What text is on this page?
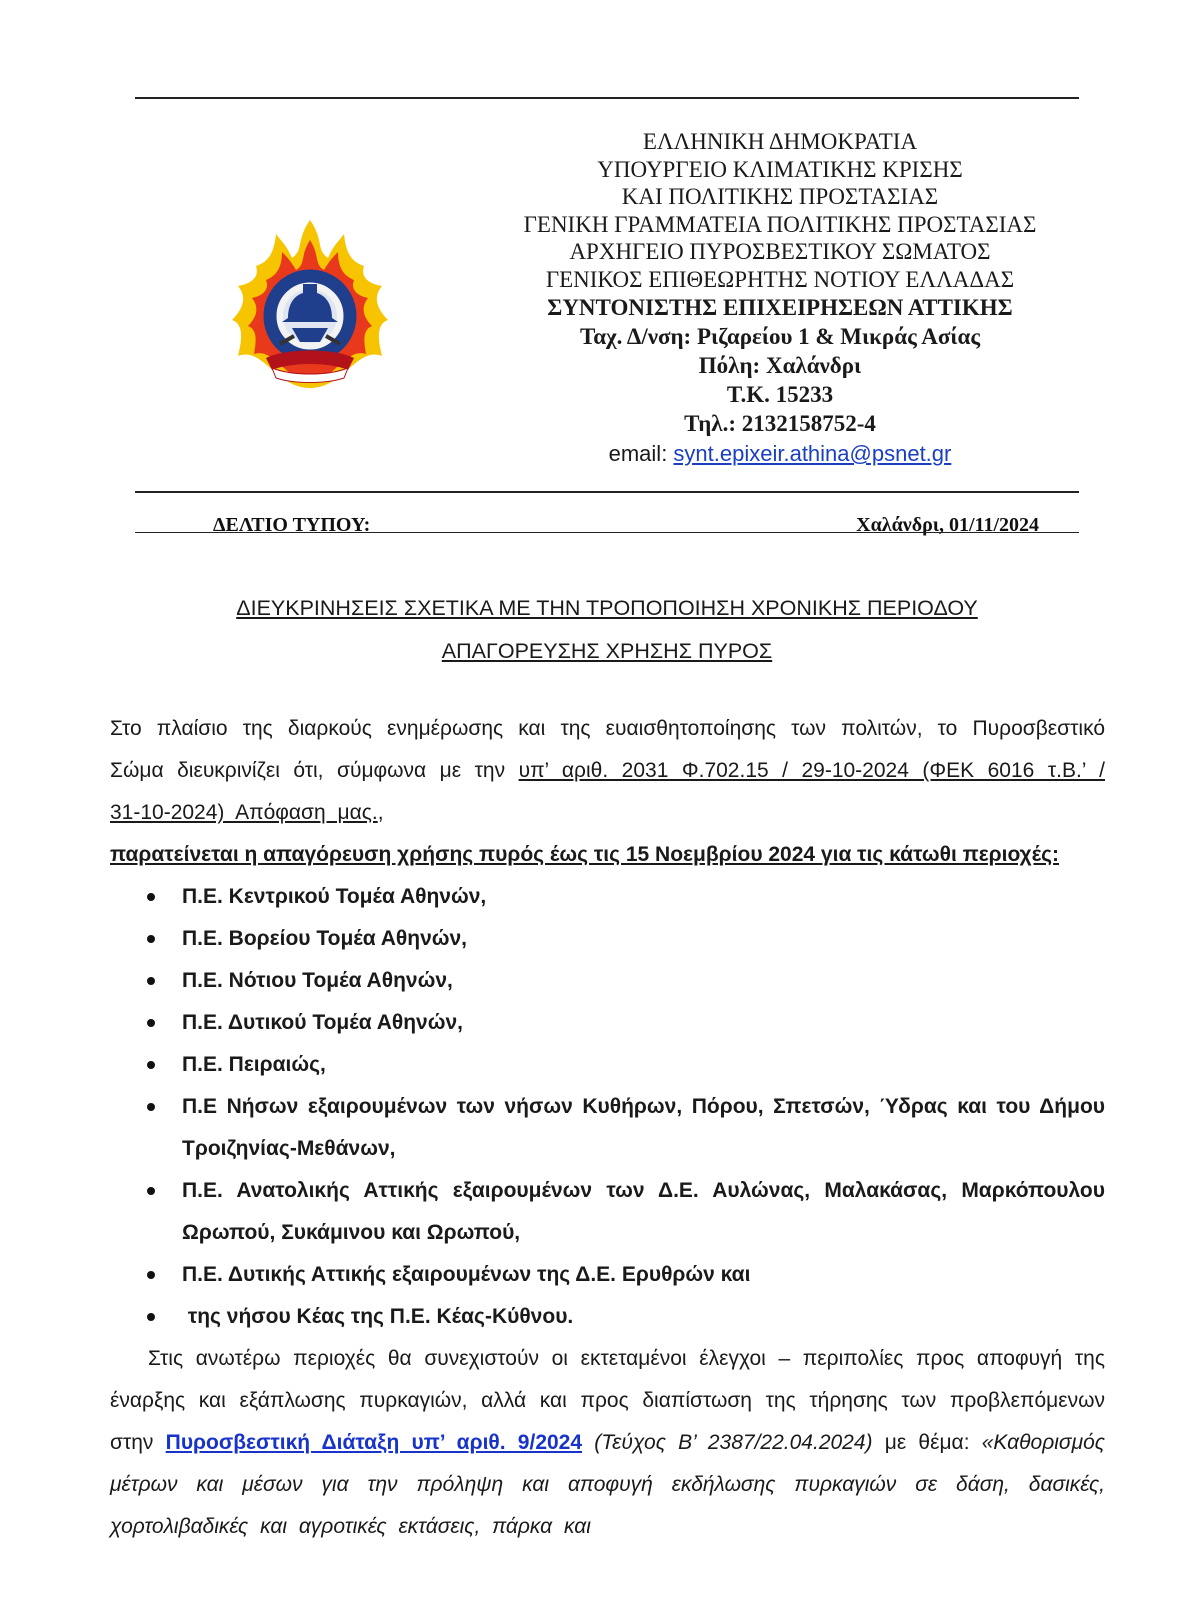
ΕΛΛΗΝΙΚΗ ΔΗΜΟΚΡΑΤΙΑ
ΥΠΟΥΡΓΕΙΟ ΚΛΙΜΑΤΙΚΗΣ ΚΡΙΣΗΣ
ΚΑΙ ΠΟΛΙΤΙΚΗΣ ΠΡΟΣΤΑΣΙΑΣ
ΓΕΝΙΚΗ ΓΡΑΜΜΑΤΕΙΑ ΠΟΛΙΤΙΚΗΣ ΠΡΟΣΤΑΣΙΑΣ
ΑΡΧΗΓΕΙΟ ΠΥΡΟΣΒΕΣΤΙΚΟΥ ΣΩΜΑΤΟΣ
ΓΕΝΙΚΟΣ ΕΠΙΘΕΩΡΗΤΗΣ ΝΟΤΙΟΥ ΕΛΛΑΔΑΣ
ΣΥΝΤΟΝΙΣΤΗΣ ΕΠΙΧΕΙΡΗΣΕΩΝ ΑΤΤΙΚΗΣ
Ταχ. Δ/νση: Ριζαρείου 1 & Μικράς Ασίας
Πόλη: Χαλάνδρι
Τ.Κ. 15233
Τηλ.: 2132158752-4
email: synt.epixeir.athina@psnet.gr
ΔΕΛΤΙΟ ΤΥΠΟΥ:	Χαλάνδρι, 01/11/2024
ΔΙΕΥΚΡΙΝΗΣΕΙΣ ΣΧΕΤΙΚΑ ΜΕ ΤΗΝ ΤΡΟΠΟΠΟΙΗΣΗ ΧΡΟΝΙΚΗΣ ΠΕΡΙΟΔΟΥ
ΑΠΑΓΟΡΕΥΣΗΣ ΧΡΗΣΗΣ ΠΥΡΟΣ
Στο πλαίσιο της διαρκούς ενημέρωσης και της ευαισθητοποίησης των πολιτών, το Πυροσβεστικό Σώμα διευκρινίζει ότι, σύμφωνα με την υπ’ αριθ. 2031 Φ.702.15 / 29-10-2024 (ΦΕΚ 6016 τ.Β.’ / 31-10-2024) Απόφαση μας.,
παρατείνεται η απαγόρευση χρήσης πυρός έως τις 15 Νοεμβρίου 2024 για τις κάτωθι περιοχές:
Π.Ε. Κεντρικού Τομέα Αθηνών,
Π.Ε. Βορείου Τομέα Αθηνών,
Π.Ε. Νότιου Τομέα Αθηνών,
Π.Ε. Δυτικού Τομέα Αθηνών,
Π.Ε. Πειραιώς,
Π.Ε Νήσων εξαιρουμένων των νήσων Κυθήρων, Πόρου, Σπετσών, Ύδρας και του Δήμου Τροιζηνίας-Μεθάνων,
Π.Ε. Ανατολικής Αττικής εξαιρουμένων των Δ.Ε. Αυλώνας, Μαλακάσας, Μαρκόπουλου Ωρωπού, Συκάμινου και Ωρωπού,
Π.Ε. Δυτικής Αττικής εξαιρουμένων της Δ.Ε. Ερυθρών και
της νήσου Κέας της Π.Ε. Κέας-Κύθνου.
Στις ανωτέρω περιοχές θα συνεχιστούν οι εκτεταμένοι έλεγχοι – περιπολίες προς αποφυγή της έναρξης και εξάπλωσης πυρκαγιών, αλλά και προς διαπίστωση της τήρησης των προβλεπόμενων στην Πυροσβεστική Διάταξη υπ’ αριθ. 9/2024 (Τεύχος Β’ 2387/22.04.2024) με θέμα: «Καθορισμός μέτρων και μέσων για την πρόληψη και αποφυγή εκδήλωσης πυρκαγιών σε δάση, δασικές, χορτολιβαδικές και αγροτικές εκτάσεις, πάρκα και
